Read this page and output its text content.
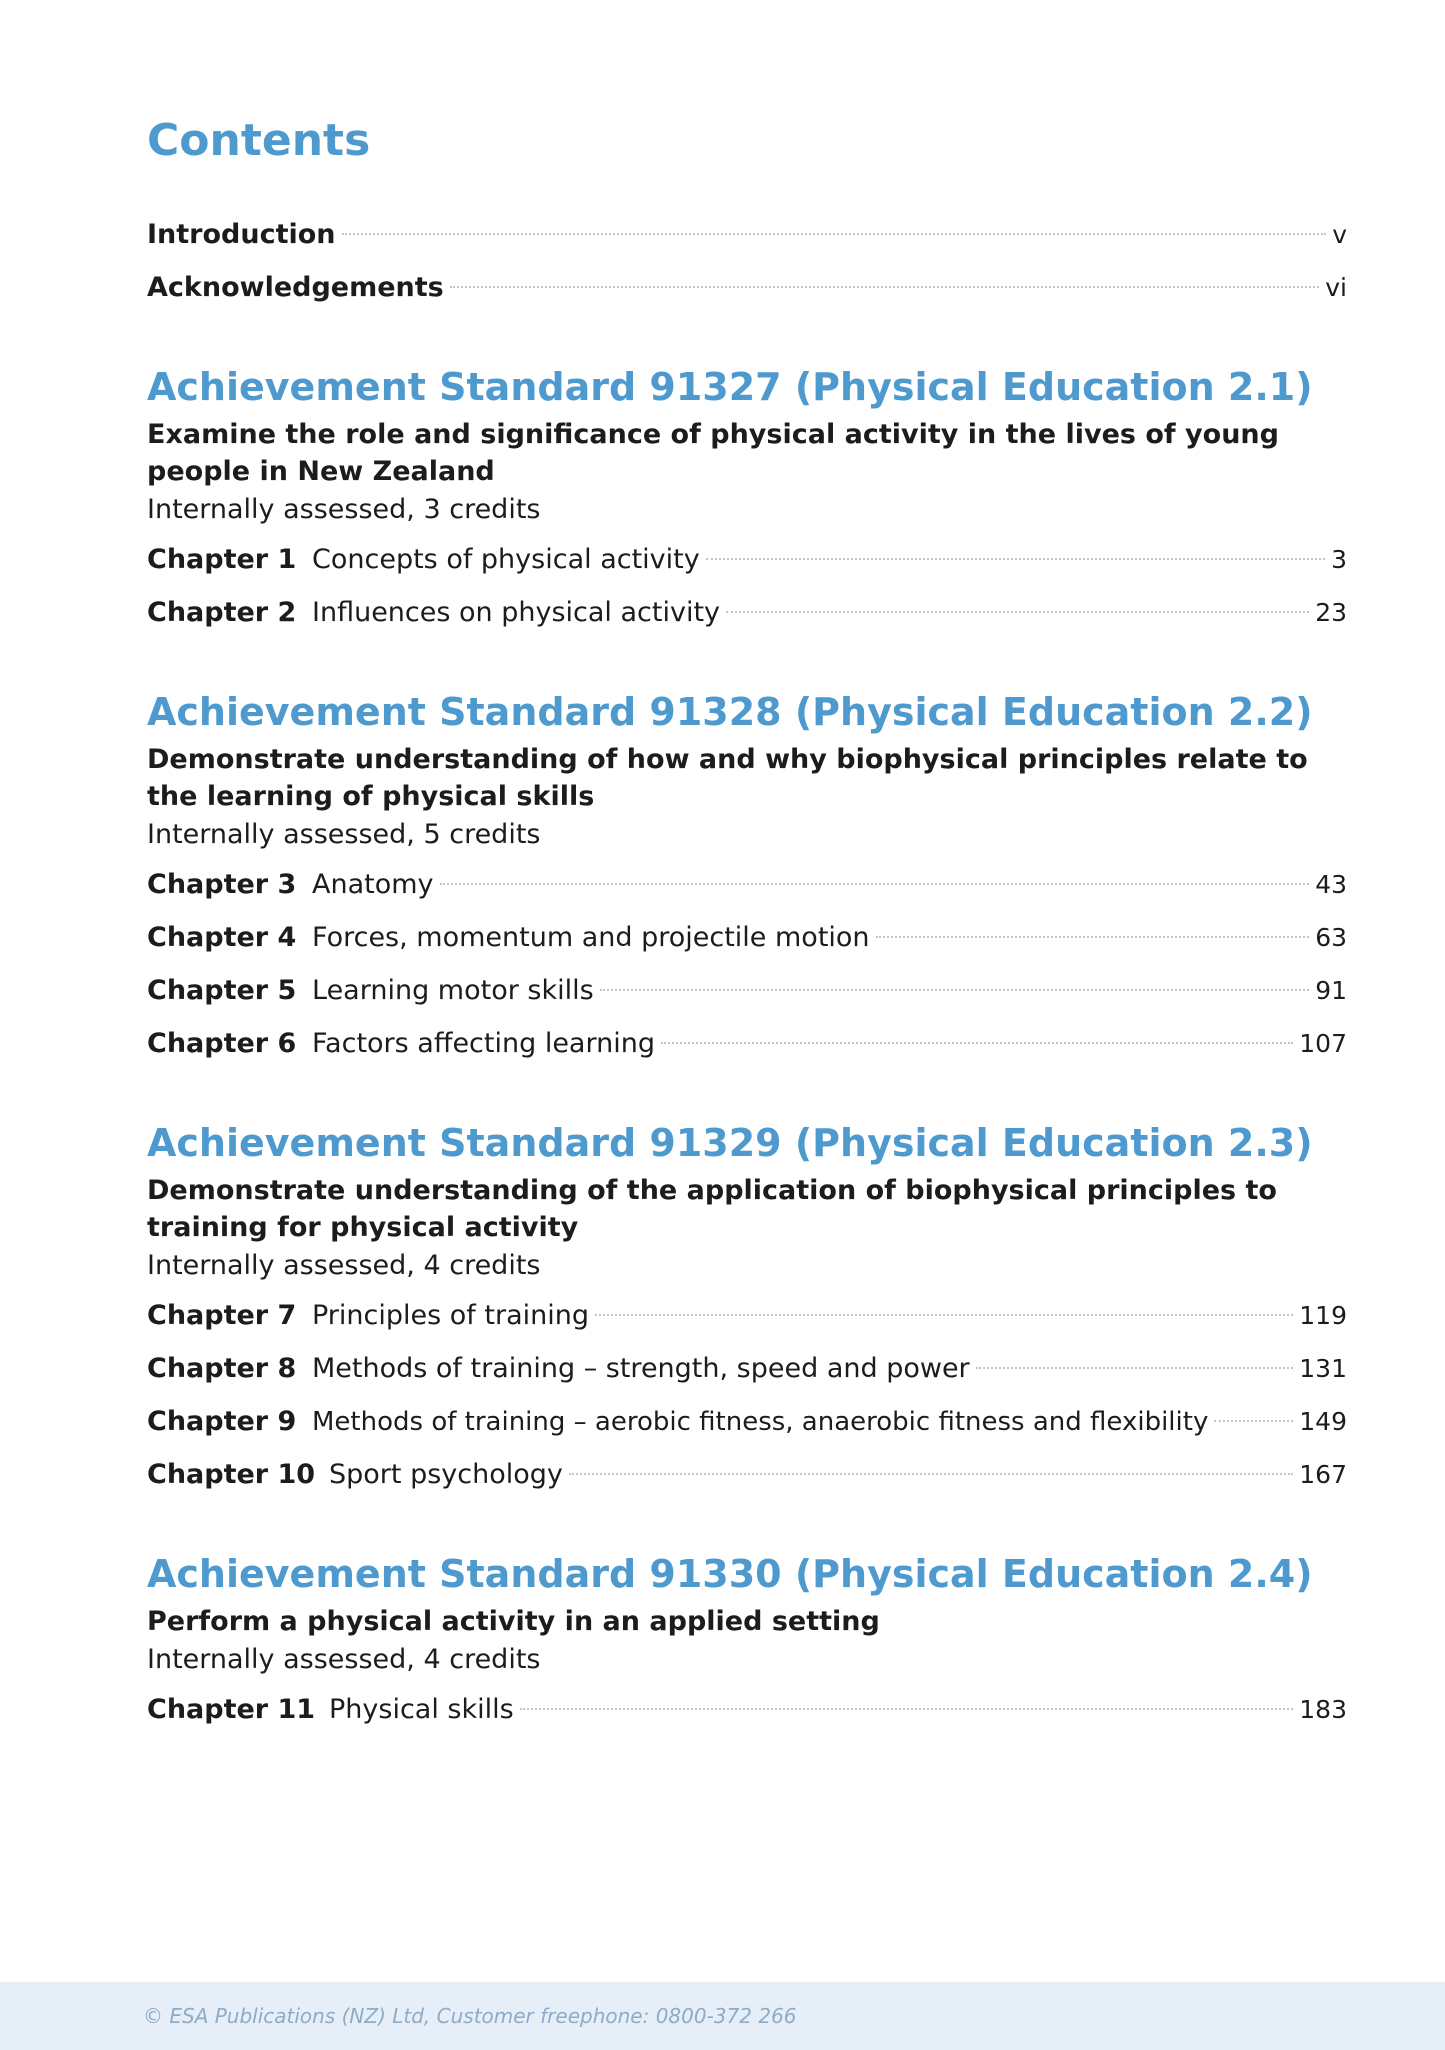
Contents
Introduction	v
Acknowledgements	vi
Achievement Standard 91327 (Physical Education 2.1)

Examine the role and significance of physical activity in the lives of young people in New Zealand

Internally assessed, 3 credits

Chapter 1 Concepts of physical activity	3
Chapter 2 Influences on physical activity	23
Achievement Standard 91328 (Physical Education 2.2)

Demonstrate understanding of how and why biophysical principles relate to the learning of physical skills

Internally assessed, 5 credits

Chapter 3 Anatomy	43
Chapter 4 Forces, momentum and projectile motion	63
Chapter 5 Learning motor skills	91
Chapter 6 Factors affecting learning	107
Achievement Standard 91329 (Physical Education 2.3)

Demonstrate understanding of the application of biophysical principles to training for physical activity

Internally assessed, 4 credits

Chapter 7 Principles of training	119
Chapter 8 Methods of training – strength, speed and power	131
Chapter 9 Methods of training – aerobic fitness, anaerobic fitness and flexibility	149
Chapter 10 Sport psychology	167
Achievement Standard 91330 (Physical Education 2.4)

Perform a physical activity in an applied setting

Internally assessed, 4 credits

Chapter 11 Physical skills	183
© ESA Publications (NZ) Ltd, Customer freephone: 0800-372 266
